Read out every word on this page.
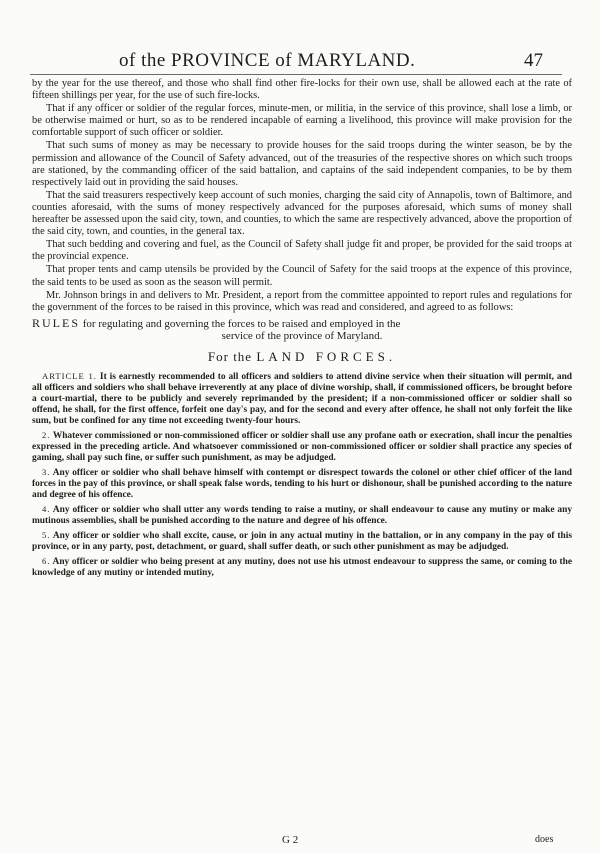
of the PROVINCE of MARYLAND.	47

by the year for the use thereof, and those who shall find other fire-locks for their own use, shall be allowed each at the rate of fifteen shillings per year, for the use of such fire-locks.

That if any officer or soldier of the regular forces, minute-men, or militia, in the service of this province, shall lose a limb, or be otherwise maimed or hurt, so as to be rendered incapable of earning a livelihood, this province will make provision for the comfortable support of such officer or soldier.

That such sums of money as may be necessary to provide houses for the said troops during the winter season, be by the permission and allowance of the Council of Safety advanced, out of the treasuries of the respective shores on which such troops are stationed, by the commanding officer of the said battalion, and captains of the said independent companies, to be by them respectively laid out in providing the said houses.

That the said treasurers respectively keep account of such monies, charging the said city of Annapolis, town of Baltimore, and counties aforesaid, with the sums of money respectively advanced for the purposes aforesaid, which sums of money shall hereafter be assessed upon the said city, town, and counties, to which the same are respectively advanced, above the proportion of the said city, town, and counties, in the general tax.

That such bedding and covering and fuel, as the Council of Safety shall judge fit and proper, be provided for the said troops at the provincial expence.

That proper tents and camp utensils be provided by the Council of Safety for the said troops at the expence of this province, the said tents to be used as soon as the season will permit.

Mr. Johnson brings in and delivers to Mr. President, a report from the committee appointed to report rules and regulations for the government of the forces to be raised in this province, which was read and considered, and agreed to as follows:

RULES for regulating and governing the forces to be raised and employed in the
service of the province of Maryland.

For the LAND FORCES.

ARTICLE 1. It is earnestly recommended to all officers and soldiers to attend divine service when their situation will permit, and all officers and soldiers who shall behave irreverently at any place of divine worship, shall, if commissioned officers, be brought before a court-martial, there to be publicly and severely reprimanded by the president; if a non-commissioned officer or soldier shall so offend, he shall, for the first offence, forfeit one day's pay, and for the second and every after offence, he shall not only forfeit the like sum, but be confined for any time not exceeding twenty-four hours.

2. Whatever commissioned or non-commissioned officer or soldier shall use any profane oath or execration, shall incur the penalties expressed in the preceding article. And whatsoever commissioned or non-commissioned officer or soldier shall practice any species of gaming, shall pay such fine, or suffer such punishment, as may be adjudged.

3. Any officer or soldier who shall behave himself with contempt or disrespect towards the colonel or other chief officer of the land forces in the pay of this province, or shall speak false words, tending to his hurt or dishonour, shall be punished according to the nature and degree of his offence.

4. Any officer or soldier who shall utter any words tending to raise a mutiny, or shall endeavour to cause any mutiny or make any mutinous assemblies, shall be punished according to the nature and degree of his offence.

5. Any officer or soldier who shall excite, cause, or join in any actual mutiny in the battalion, or in any company in the pay of this province, or in any party, post, detachment, or guard, shall suffer death, or such other punishment as may be adjudged.

6. Any officer or soldier who being present at any mutiny, does not use his utmost endeavour to suppress the same, or coming to the knowledge of any mutiny or intended mutiny,

G 2	does
